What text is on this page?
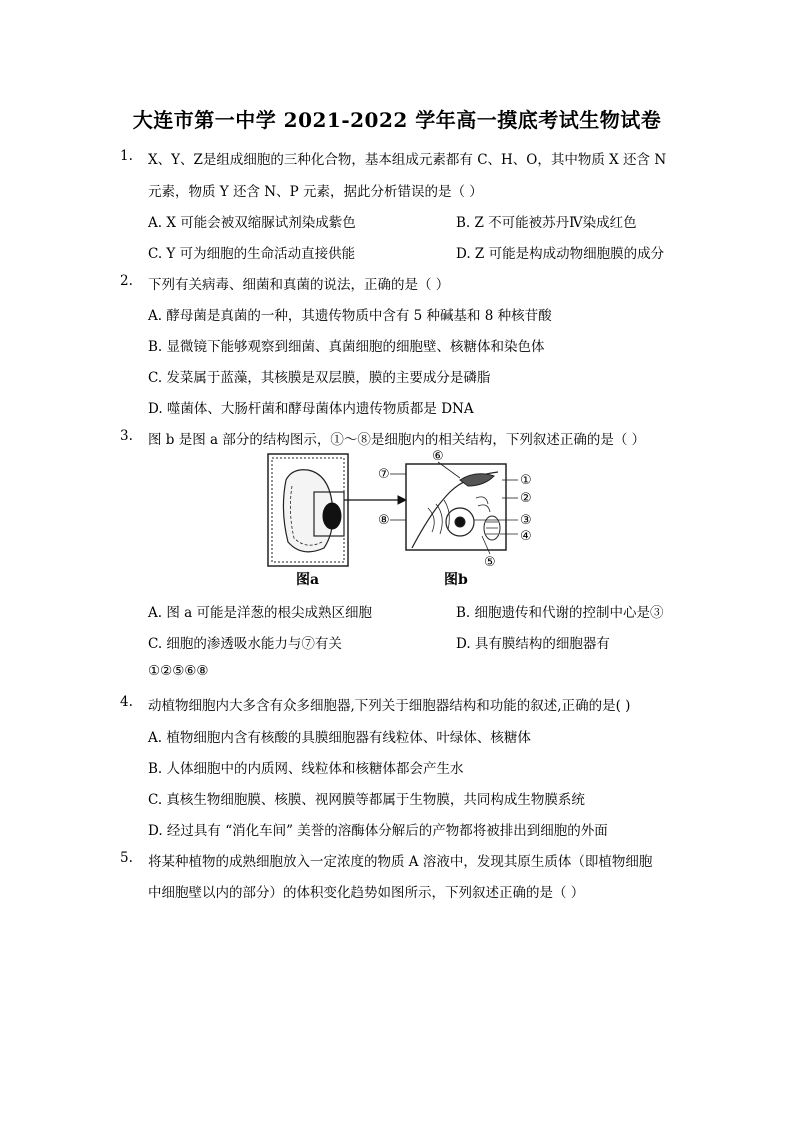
大连市第一中学 2021-2022 学年高一摸底考试生物试卷
1. X、Y、Z是组成细胞的三种化合物，基本组成元素都有 C、H、O，其中物质 X 还含 N
元素，物质 Y 还含 N、P 元素，据此分析错误的是（ ）
A. X 可能会被双缩脲试剂染成紫色	B. Z 不可能被苏丹Ⅳ染成红色
C. Y 可为细胞的生命活动直接供能	D. Z 可能是构成动物细胞膜的成分
2. 下列有关病毒、细菌和真菌的说法，正确的是（ ）
A. 酵母菌是真菌的一种，其遗传物质中含有 5 种碱基和 8 种核苷酸
B. 显微镜下能够观察到细菌、真菌细胞的细胞壁、核糖体和染色体
C. 发菜属于蓝藻，其核膜是双层膜，膜的主要成分是磷脂
D. 噬菌体、大肠杆菌和酵母菌体内遗传物质都是 DNA
3. 图 b 是图 a 部分的结构图示，①～⑧是细胞内的相关结构，下列叙述正确的是（ ）
⑥
⑦
⑧
①
②
③
④
⑤
图a	图b
A. 图 a 可能是洋葱的根尖成熟区细胞	B. 细胞遗传和代谢的控制中心是③
C. 细胞的渗透吸水能力与⑦有关	D. 具有膜结构的细胞器有
①②⑤⑥⑧
4. 动植物细胞内大多含有众多细胞器,下列关于细胞器结构和功能的叙述,正确的是( )
A. 植物细胞内含有核酸的具膜细胞器有线粒体、叶绿体、核糖体
B. 人体细胞中的内质网、线粒体和核糖体都会产生水
C. 真核生物细胞膜、核膜、视网膜等都属于生物膜，共同构成生物膜系统
D. 经过具有 “消化车间” 美誉的溶酶体分解后的产物都将被排出到细胞的外面
5. 将某种植物的成熟细胞放入一定浓度的物质 A 溶液中，发现其原生质体（即植物细胞
中细胞壁以内的部分）的体积变化趋势如图所示，下列叙述正确的是（ ）
